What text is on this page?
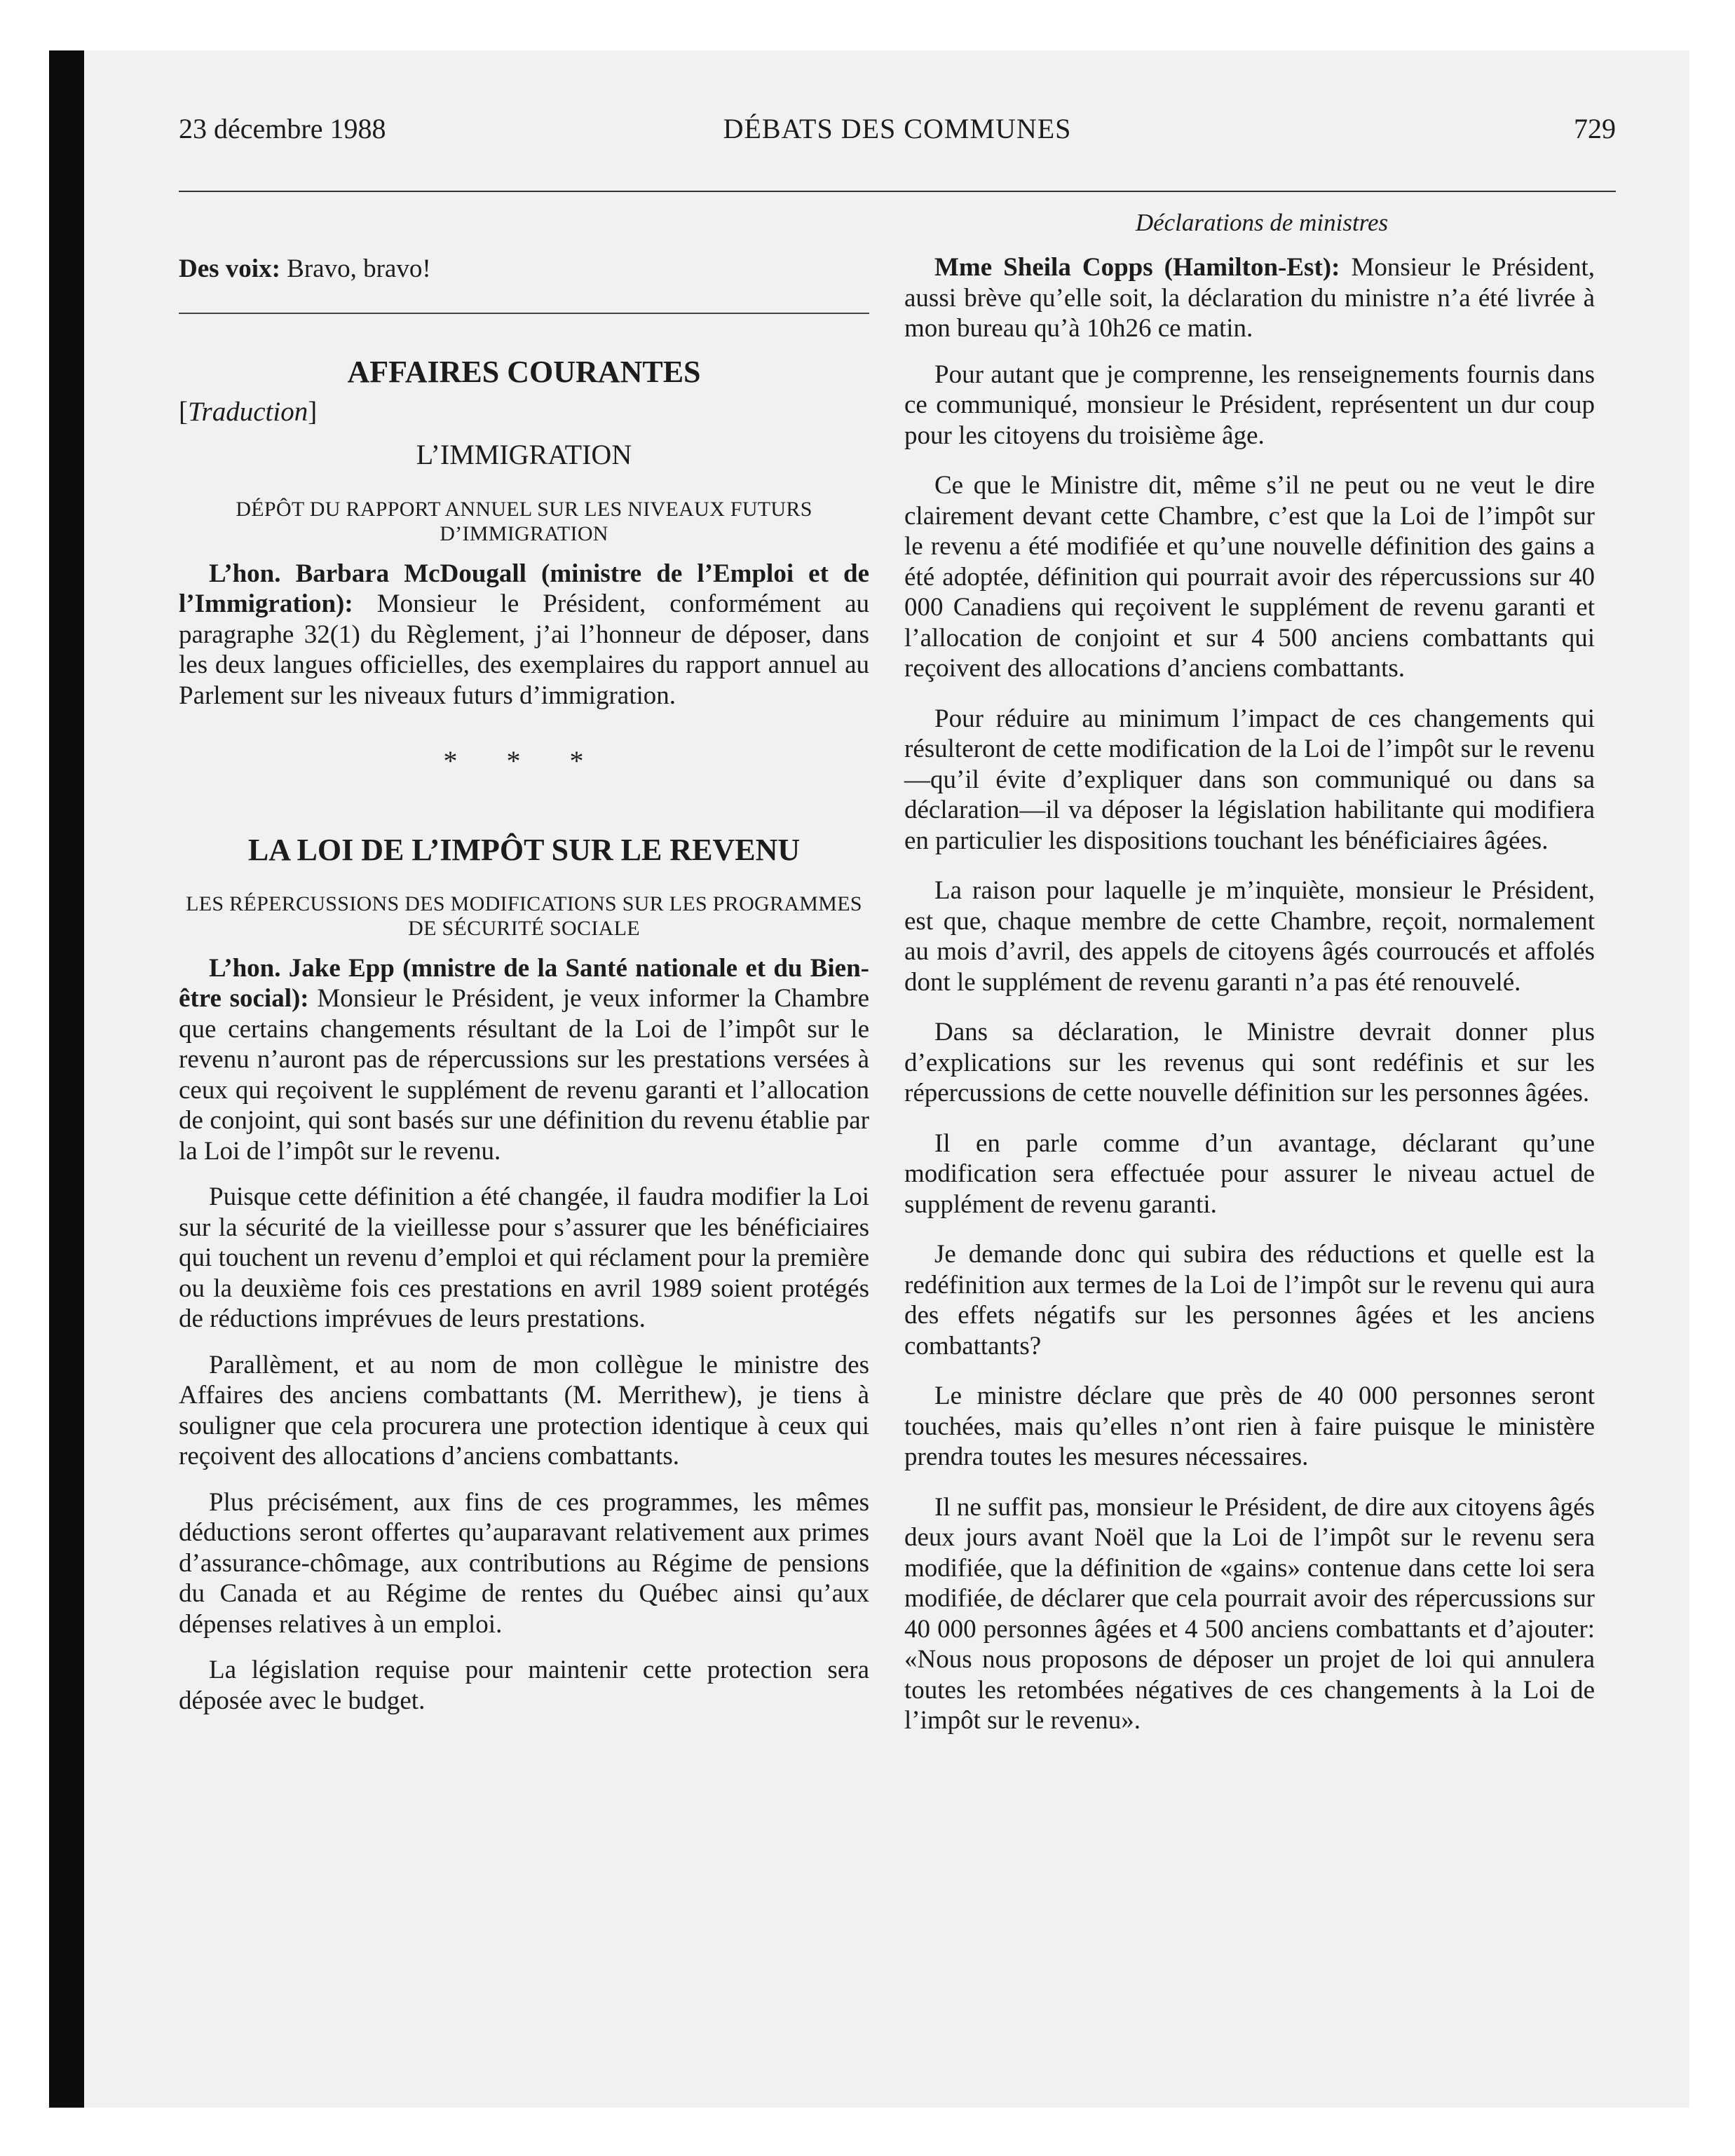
23 décembre 1988	DÉBATS DES COMMUNES	729
Déclarations de ministres

Des voix: Bravo, bravo!

AFFAIRES COURANTES
[Traduction]
L’IMMIGRATION
DÉPÔT DU RAPPORT ANNUEL SUR LES NIVEAUX FUTURS D’IMMIGRATION

L’hon. Barbara McDougall (ministre de l’Emploi et de l’Immigration): Monsieur le Président, conformément au paragraphe 32(1) du Règlement, j’ai l’honneur de déposer, dans les deux langues officielles, des exemplaires du rapport annuel au Parlement sur les niveaux futurs d’immigration.

* * *
LA LOI DE L’IMPÔT SUR LE REVENU
LES RÉPERCUSSIONS DES MODIFICATIONS SUR LES PROGRAMMES DE SÉCURITÉ SOCIALE

L’hon. Jake Epp (mnistre de la Santé nationale et du Bien-être social): Monsieur le Président, je veux informer la Chambre que certains changements résultant de la Loi de l’impôt sur le revenu n’auront pas de répercussions sur les prestations versées à ceux qui reçoivent le supplément de revenu garanti et l’allocation de conjoint, qui sont basés sur une définition du revenu établie par la Loi de l’impôt sur le revenu.

Puisque cette définition a été changée, il faudra modifier la Loi sur la sécurité de la vieillesse pour s’assurer que les bénéficiaires qui touchent un revenu d’emploi et qui réclament pour la première ou la deuxième fois ces prestations en avril 1989 soient protégés de réductions imprévues de leurs prestations.

Parallèment, et au nom de mon collègue le ministre des Affaires des anciens combattants (M. Merrithew), je tiens à souligner que cela procurera une protection identique à ceux qui reçoivent des allocations d’anciens combattants.

Plus précisément, aux fins de ces programmes, les mêmes déductions seront offertes qu’auparavant relativement aux primes d’assurance-chômage, aux contributions au Régime de pensions du Canada et au Régime de rentes du Québec ainsi qu’aux dépenses relatives à un emploi.

La législation requise pour maintenir cette protection sera déposée avec le budget.

Mme Sheila Copps (Hamilton-Est): Monsieur le Président, aussi brève qu’elle soit, la déclaration du ministre n’a été livrée à mon bureau qu’à 10h26 ce matin.

Pour autant que je comprenne, les renseignements fournis dans ce communiqué, monsieur le Président, représentent un dur coup pour les citoyens du troisième âge.

Ce que le Ministre dit, même s’il ne peut ou ne veut le dire clairement devant cette Chambre, c’est que la Loi de l’impôt sur le revenu a été modifiée et qu’une nouvelle définition des gains a été adoptée, définition qui pourrait avoir des répercussions sur 40 000 Canadiens qui reçoivent le supplément de revenu garanti et l’allocation de conjoint et sur 4 500 anciens combattants qui reçoivent des allocations d’anciens combattants.

Pour réduire au minimum l’impact de ces changements qui résulteront de cette modification de la Loi de l’impôt sur le revenu—qu’il évite d’expliquer dans son communiqué ou dans sa déclaration—il va déposer la législation habilitante qui modifiera en particulier les dispositions touchant les bénéficiaires âgées.

La raison pour laquelle je m’inquiète, monsieur le Président, est que, chaque membre de cette Chambre, reçoit, normalement au mois d’avril, des appels de citoyens âgés courroucés et affolés dont le supplément de revenu garanti n’a pas été renouvelé.

Dans sa déclaration, le Ministre devrait donner plus d’explications sur les revenus qui sont redéfinis et sur les répercussions de cette nouvelle définition sur les personnes âgées.

Il en parle comme d’un avantage, déclarant qu’une modification sera effectuée pour assurer le niveau actuel de supplément de revenu garanti.

Je demande donc qui subira des réductions et quelle est la redéfinition aux termes de la Loi de l’impôt sur le revenu qui aura des effets négatifs sur les personnes âgées et les anciens combattants?

Le ministre déclare que près de 40 000 personnes seront touchées, mais qu’elles n’ont rien à faire puisque le ministère prendra toutes les mesures nécessaires.

Il ne suffit pas, monsieur le Président, de dire aux citoyens âgés deux jours avant Noël que la Loi de l’impôt sur le revenu sera modifiée, que la définition de «gains» contenue dans cette loi sera modifiée, de déclarer que cela pourrait avoir des répercussions sur 40 000 personnes âgées et 4 500 anciens combattants et d’ajouter: «Nous nous proposons de déposer un projet de loi qui annulera toutes les retombées négatives de ces changements à la Loi de l’impôt sur le revenu».
